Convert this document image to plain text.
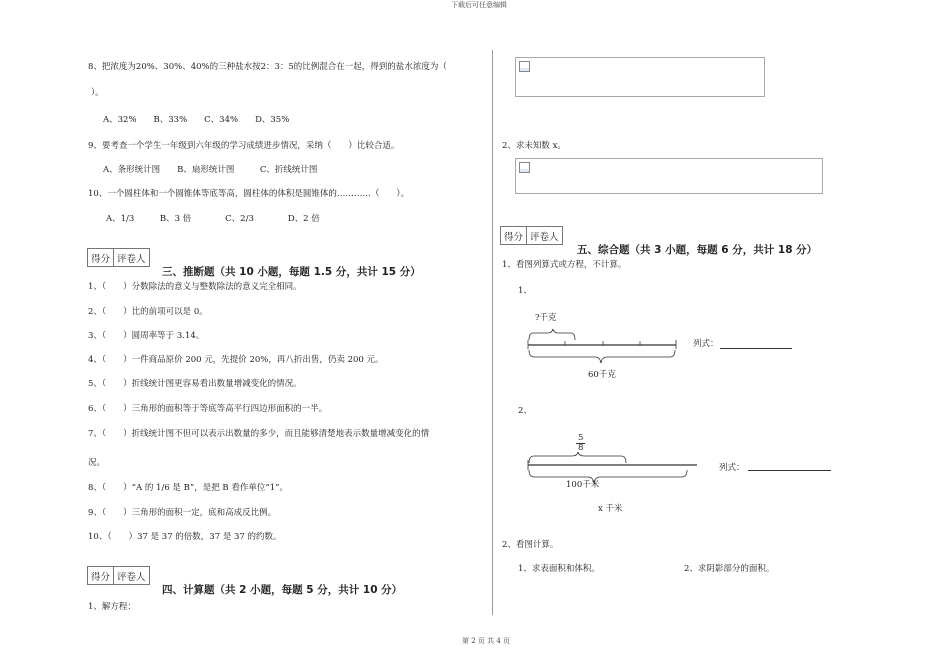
下载后可任意编辑
8、把浓度为20%、30%、40%的三种盐水按2：3：5的比例混合在一起，得到的盐水浓度为（
）。
A、32%　　B、33%　　C、34%　　D、35%
9、要考查一个学生一年级到六年级的学习成绩进步情况，采纳（　　）比较合适。
A、条形统计图　　B、扇形统计图　　　C、折线统计图
10、一个圆柱体和一个圆锥体等底等高，圆柱体的体积是圆锥体的…………（　　）。
A、1/3　　　B、3 倍　　　　C、2/3　　　　D、2 倍
得分 评卷人
三、推断题（共 10 小题，每题 1.5 分，共计 15 分）
1、（　　）分数除法的意义与整数除法的意义完全相同。
2、（　　）比的前项可以是 0。
3、（　　）圆周率等于 3.14。
4、（　　）一件商品原价 200 元，先提价 20%，再八折出售，仍卖 200 元。
5、（　　）折线统计图更容易看出数量增减变化的情况。
6、（　　）三角形的面积等于等底等高平行四边形面积的一半。
7、（　　）折线统计图不但可以表示出数量的多少，而且能够清楚地表示数量增减变化的情
况。
8、（　　）“A 的 1/6 是 B”，是把 B 看作单位“1”。
9、（　　）三角形的面积一定，底和高成反比例。
10、（　　）37 是 37 的倍数，37 是 37 的约数。
得分 评卷人
四、计算题（共 2 小题，每题 5 分，共计 10 分）
1、解方程：
2、求未知数 x。
得分 评卷人
五、综合题（共 3 小题，每题 6 分，共计 18 分）
1、看图列算式或方程，不计算。
1、
?千克
60千克
列式：
2、
5
8
100千米
x 千米
列式：
2、看图计算。
1、求表面积和体积。	2、求阴影部分的面积。
第 2 页 共 4 页
